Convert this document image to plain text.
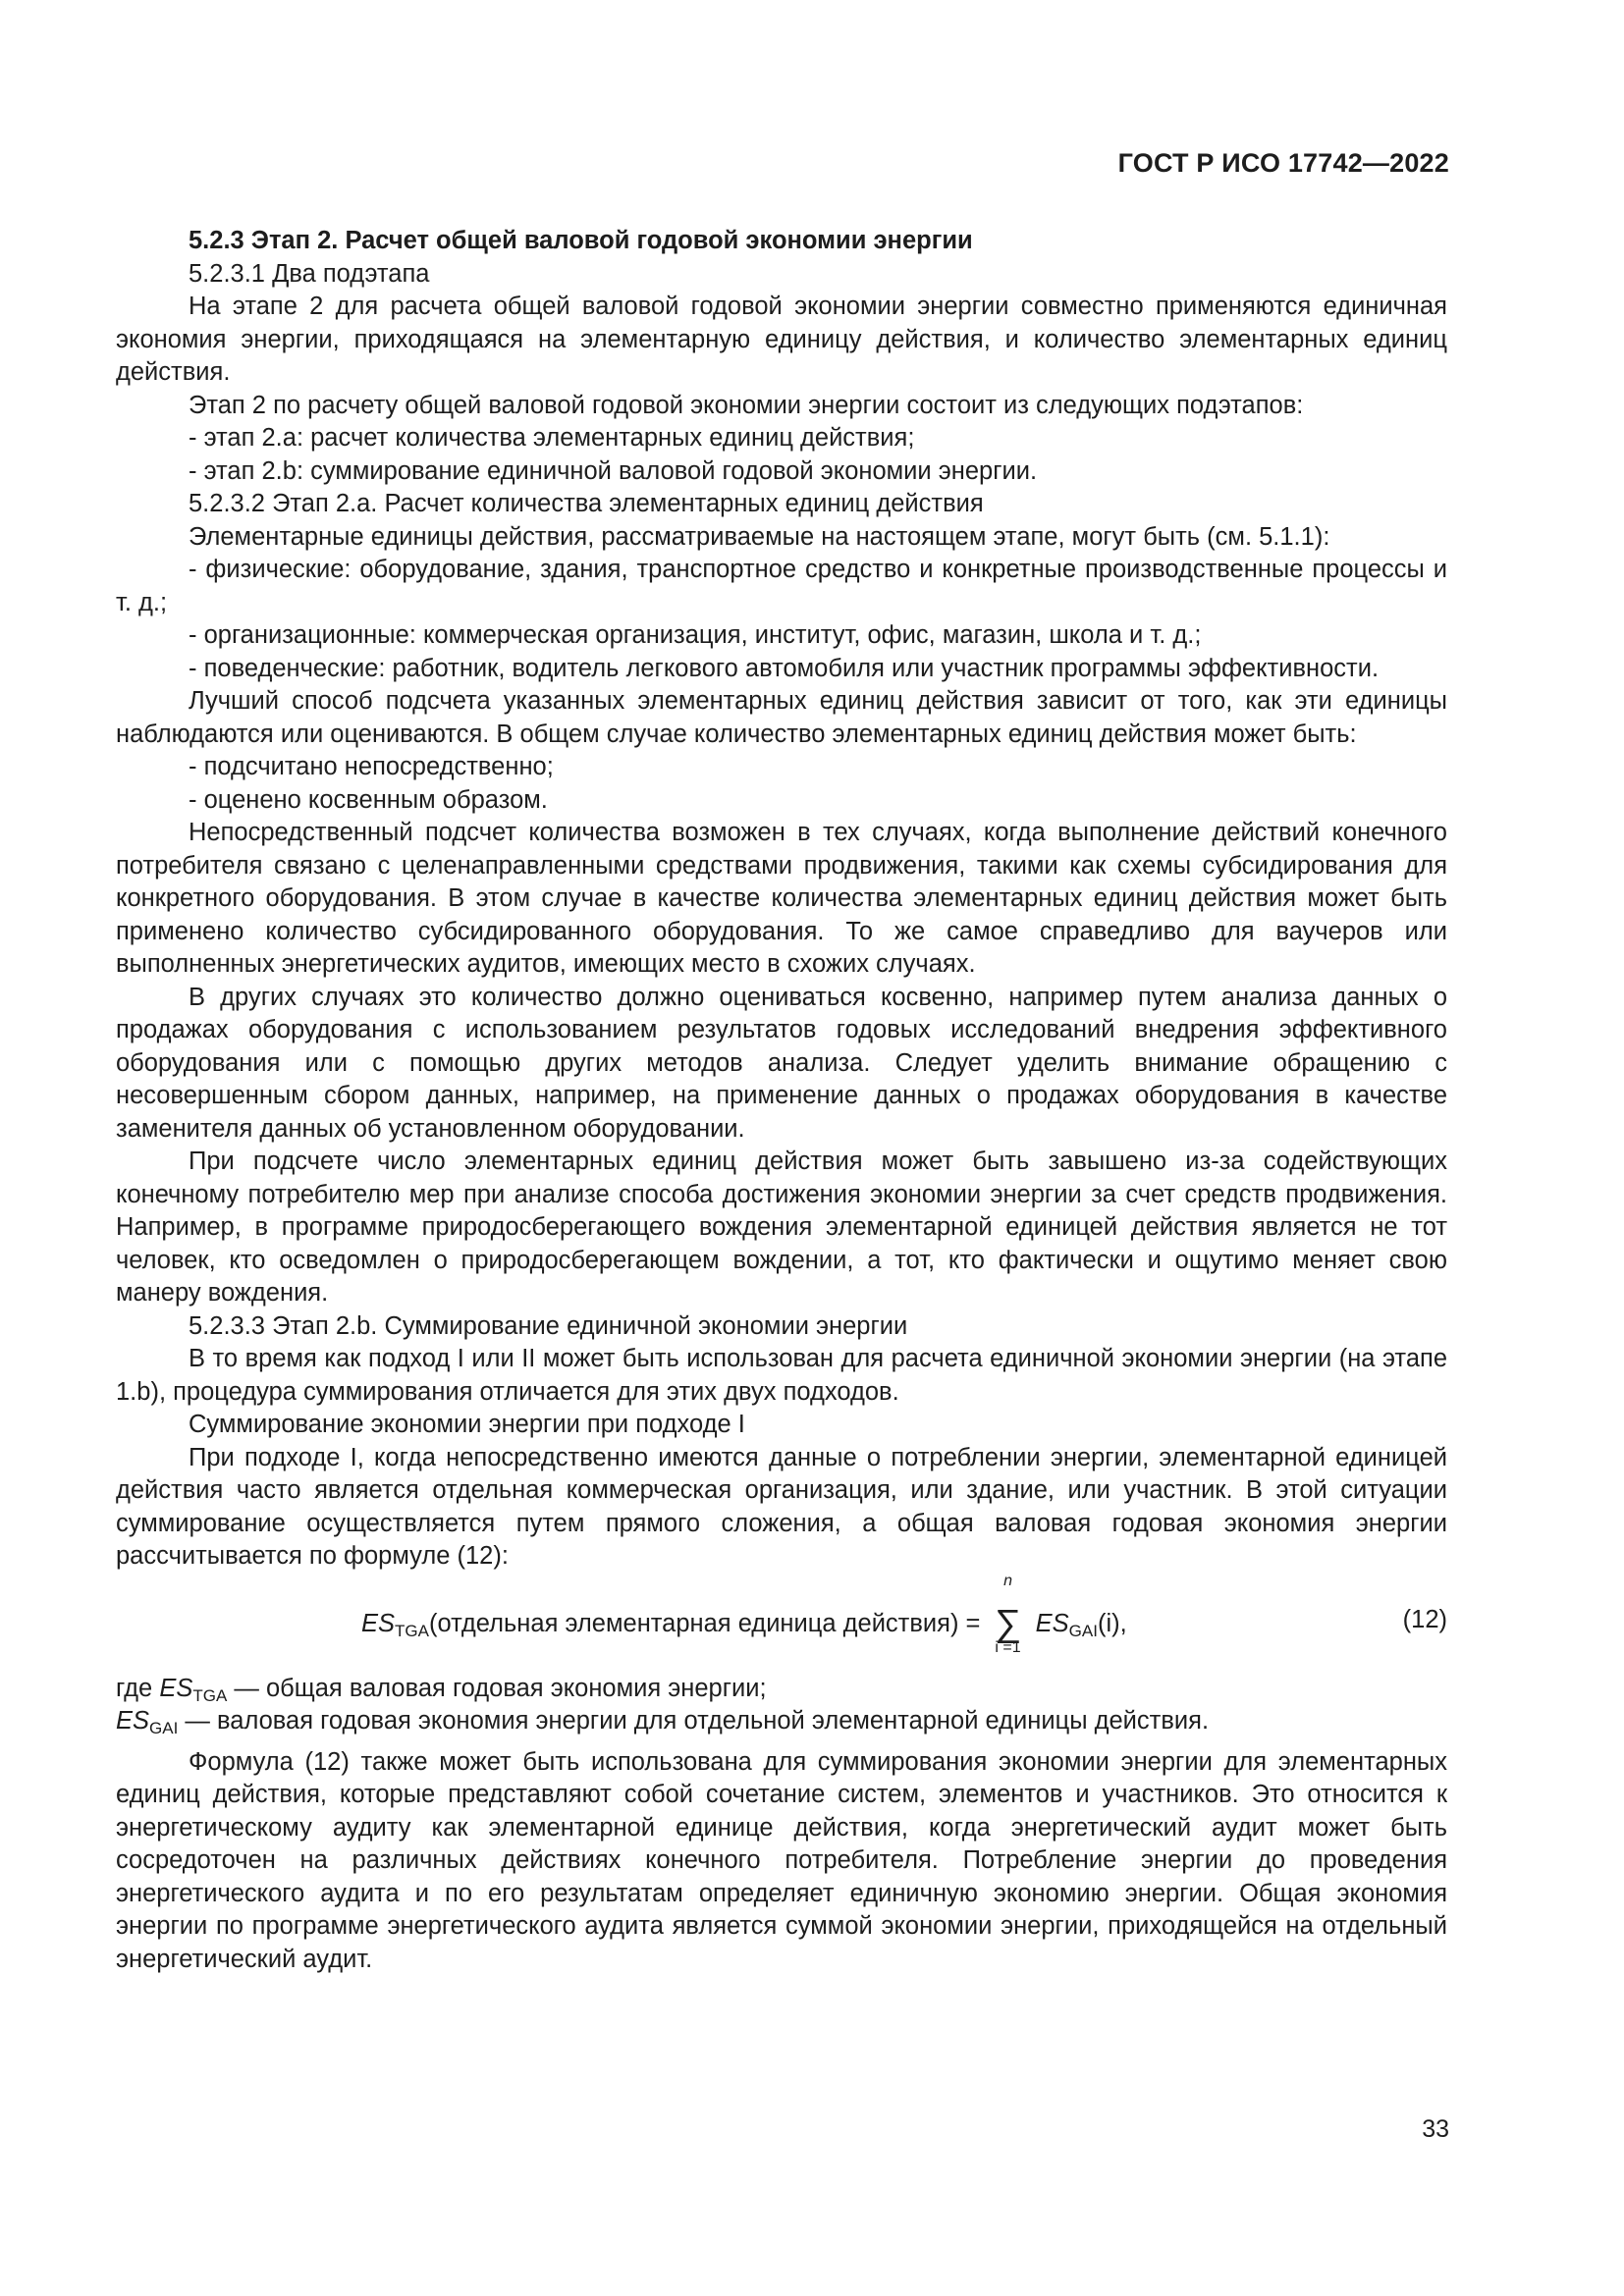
ГОСТ Р ИСО 17742—2022

5.2.3 Этап 2. Расчет общей валовой годовой экономии энергии

5.2.3.1 Два подэтапа

На этапе 2 для расчета общей валовой годовой экономии энергии совместно применяются единичная экономия энергии, приходящаяся на элементарную единицу действия, и количество элементарных единиц действия.

Этап 2 по расчету общей валовой годовой экономии энергии состоит из следующих подэтапов:

- этап 2.a: расчет количества элементарных единиц действия;

- этап 2.b: суммирование единичной валовой годовой экономии энергии.

5.2.3.2 Этап 2.a. Расчет количества элементарных единиц действия

Элементарные единицы действия, рассматриваемые на настоящем этапе, могут быть (см. 5.1.1):

- физические: оборудование, здания, транспортное средство и конкретные производственные процессы и т. д.;

- организационные: коммерческая организация, институт, офис, магазин, школа и т. д.;

- поведенческие: работник, водитель легкового автомобиля или участник программы эффективности.

Лучший способ подсчета указанных элементарных единиц действия зависит от того, как эти единицы наблюдаются или оцениваются. В общем случае количество элементарных единиц действия может быть:

- подсчитано непосредственно;

- оценено косвенным образом.

Непосредственный подсчет количества возможен в тех случаях, когда выполнение действий конечного потребителя связано с целенаправленными средствами продвижения, такими как схемы субсидирования для конкретного оборудования. В этом случае в качестве количества элементарных единиц действия может быть применено количество субсидированного оборудования. То же самое справедливо для ваучеров или выполненных энергетических аудитов, имеющих место в схожих случаях.

В других случаях это количество должно оцениваться косвенно, например путем анализа данных о продажах оборудования с использованием результатов годовых исследований внедрения эффективного оборудования или с помощью других методов анализа. Следует уделить внимание обращению с несовершенным сбором данных, например, на применение данных о продажах оборудования в качестве заменителя данных об установленном оборудовании.

При подсчете число элементарных единиц действия может быть завышено из-за содействующих конечному потребителю мер при анализе способа достижения экономии энергии за счет средств продвижения. Например, в программе природосберегающего вождения элементарной единицей действия является не тот человек, кто осведомлен о природосберегающем вождении, а тот, кто фактически и ощутимо меняет свою манеру вождения.

5.2.3.3 Этап 2.b. Суммирование единичной экономии энергии

В то время как подход I или II может быть использован для расчета единичной экономии энергии (на этапе 1.b), процедура суммирования отличается для этих двух подходов.

Суммирование экономии энергии при подходе I

При подходе I, когда непосредственно имеются данные о потреблении энергии, элементарной единицей действия часто является отдельная коммерческая организация, или здание, или участник. В этой ситуации суммирование осуществляется путем прямого сложения, а общая валовая годовая экономия энергии рассчитывается по формуле (12):

$ES_{TGA}(отдельная$ элементарная единица действия) =
n
∑
i =1
$ES_{GAI}(i)$,	(12)

где $ES_{TGA}$ — общая валовая годовая экономия энергии;

$ES_{GAI}$ — валовая годовая экономия энергии для отдельной элементарной единицы действия.

Формула (12) также может быть использована для суммирования экономии энергии для элементарных единиц действия, которые представляют собой сочетание систем, элементов и участников. Это относится к энергетическому аудиту как элементарной единице действия, когда энергетический аудит может быть сосредоточен на различных действиях конечного потребителя. Потребление энергии до проведения энергетического аудита и по его результатам определяет единичную экономию энергии. Общая экономия энергии по программе энергетического аудита является суммой экономии энергии, приходящейся на отдельный энергетический аудит.

33
